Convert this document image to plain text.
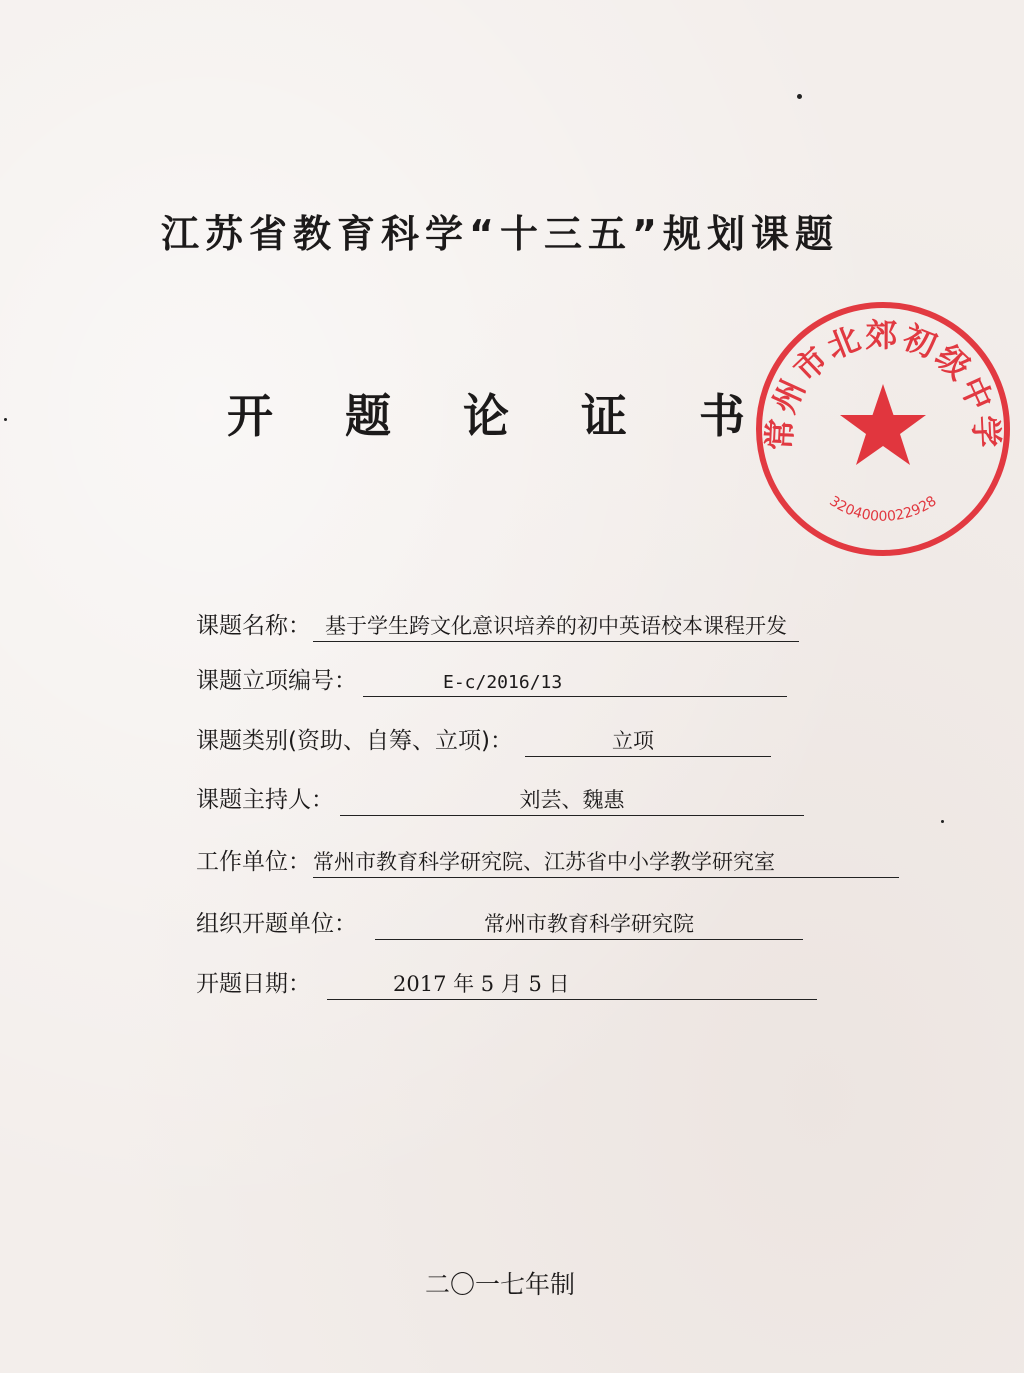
江苏省教育科学“十三五”规划课题
开 题 论 证 书
常州市北郊初级中学
3204000022928
课题名称： 基于学生跨文化意识培养的初中英语校本课程开发
课题立项编号：	E-c/2016/13
课题类别(资助、自筹、立项)：	立项
课题主持人：	刘芸、魏惠
工作单位： 常州市教育科学研究院、江苏省中小学教学研究室
组织开题单位：	常州市教育科学研究院
开题日期：	2017 年 5 月 5 日
二〇一七年制
